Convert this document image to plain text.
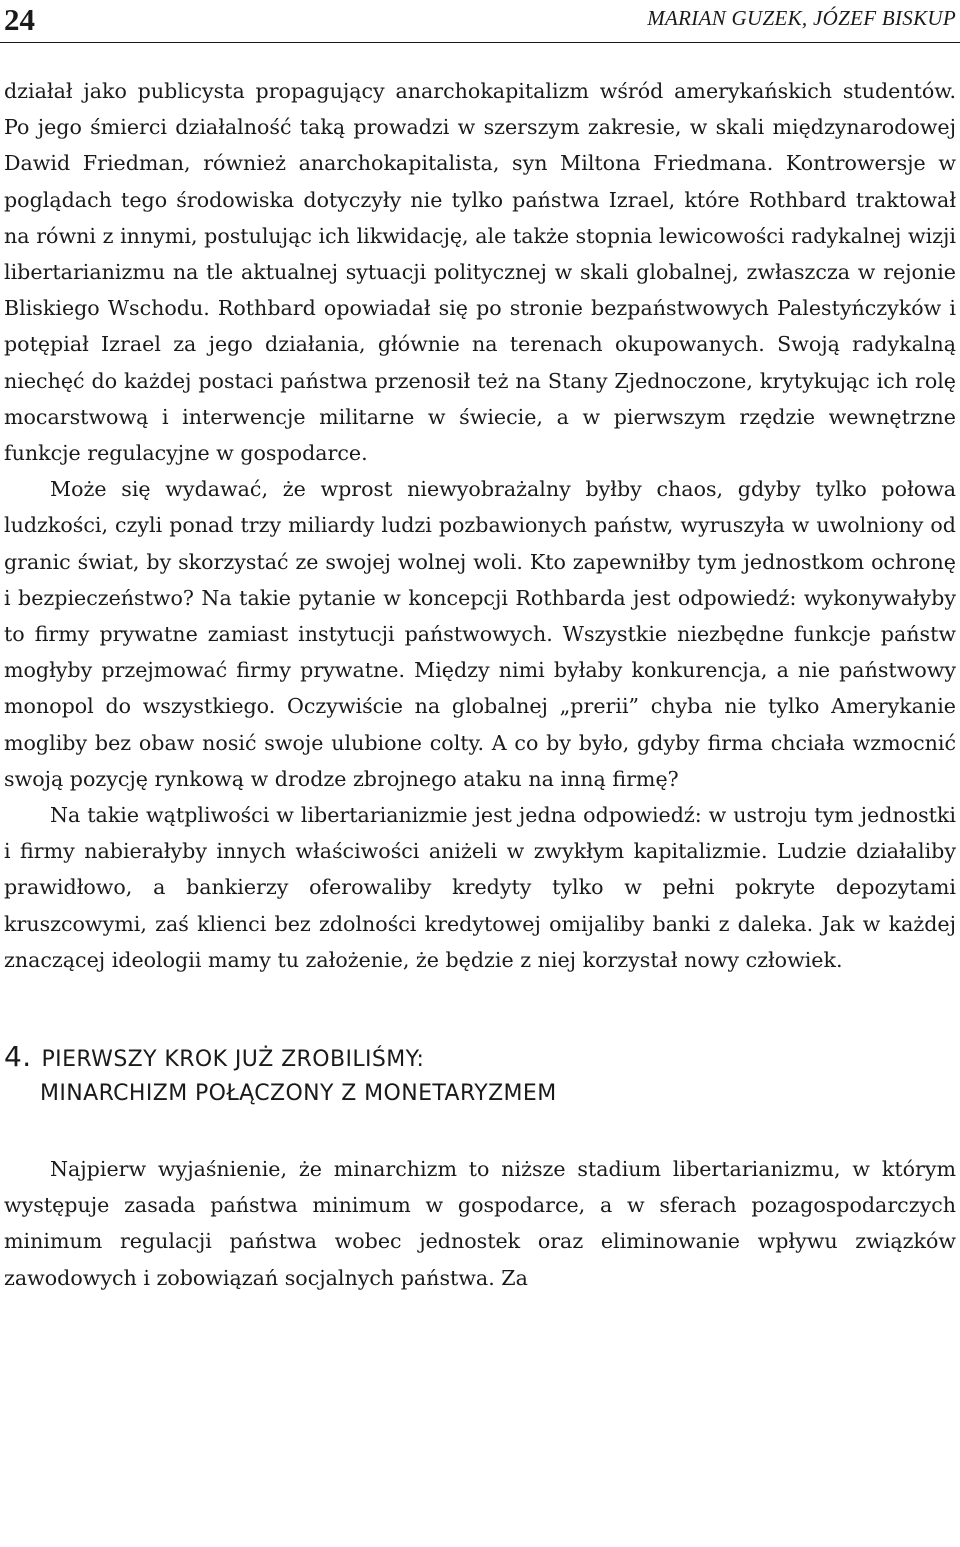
24	MARIAN GUZEK, JÓZEF BISKUP

działał jako publicysta propagujący anarchokapitalizm wśród amerykańskich studentów. Po jego śmierci działalność taką prowadzi w szerszym zakresie, w skali międzynarodowej Dawid Friedman, również anarchokapitalista, syn Miltona Friedmana. Kontrowersje w poglądach tego środowiska dotyczyły nie tylko państwa Izrael, które Rothbard traktował na równi z innymi, postulując ich likwidację, ale także stopnia lewicowości radykalnej wizji libertarianizmu na tle aktualnej sytuacji politycznej w skali globalnej, zwłaszcza w rejonie Bliskiego Wschodu. Rothbard opowiadał się po stronie bezpaństwowych Palestyńczyków i potępiał Izrael za jego działania, głównie na terenach okupowanych. Swoją radykalną niechęć do każdej postaci państwa przenosił też na Stany Zjednoczone, krytykując ich rolę mocarstwową i interwencje militarne w świecie, a w pierwszym rzędzie wewnętrzne funkcje regulacyjne w gospodarce.

Może się wydawać, że wprost niewyobrażalny byłby chaos, gdyby tylko połowa ludzkości, czyli ponad trzy miliardy ludzi pozbawionych państw, wyruszyła w uwolniony od granic świat, by skorzystać ze swojej wolnej woli. Kto zapewniłby tym jednostkom ochronę i bezpieczeństwo? Na takie pytanie w koncepcji Rothbarda jest odpowiedź: wykonywałyby to firmy prywatne zamiast instytucji państwowych. Wszystkie niezbędne funkcje państw mogłyby przejmować firmy prywatne. Między nimi byłaby konkurencja, a nie państwowy monopol do wszystkiego. Oczywiście na globalnej „prerii” chyba nie tylko Amerykanie mogliby bez obaw nosić swoje ulubione colty. A co by było, gdyby firma chciała wzmocnić swoją pozycję rynkową w drodze zbrojnego ataku na inną firmę?

Na takie wątpliwości w libertarianizmie jest jedna odpowiedź: w ustroju tym jednostki i firmy nabierałyby innych właściwości aniżeli w zwykłym kapitalizmie. Ludzie działaliby prawidłowo, a bankierzy oferowaliby kredyty tylko w pełni pokryte depozytami kruszcowymi, zaś klienci bez zdolności kredytowej omijaliby banki z daleka. Jak w każdej znaczącej ideologii mamy tu założenie, że będzie z niej korzystał nowy człowiek.

4. PIERWSZY KROK JUŻ ZROBILIŚMY:
MINARCHIZM POŁĄCZONY Z MONETARYZMEM

Najpierw wyjaśnienie, że minarchizm to niższe stadium libertarianizmu, w którym występuje zasada państwa minimum w gospodarce, a w sferach pozagospodarczych minimum regulacji państwa wobec jednostek oraz eliminowanie wpływu związków zawodowych i zobowiązań socjalnych państwa. Za
